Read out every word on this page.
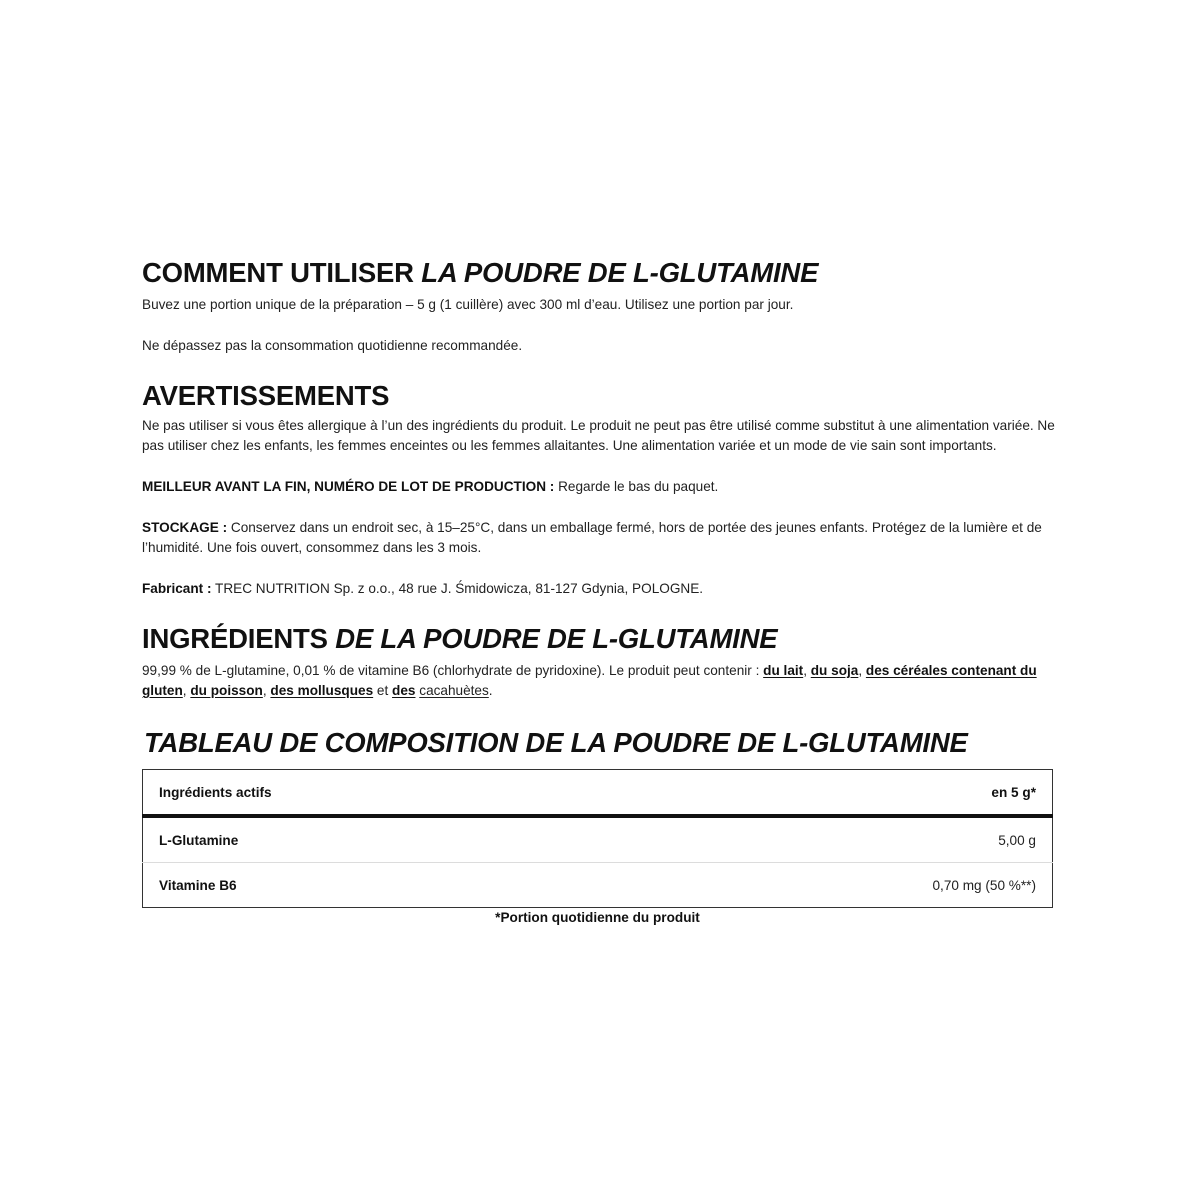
COMMENT UTILISER LA POUDRE DE L-GLUTAMINE

Buvez une portion unique de la préparation – 5 g (1 cuillère) avec 300 ml d’eau. Utilisez une portion par jour.

Ne dépassez pas la consommation quotidienne recommandée.

AVERTISSEMENTS

Ne pas utiliser si vous êtes allergique à l’un des ingrédients du produit. Le produit ne peut pas être utilisé comme substitut à une alimentation variée. Ne pas utiliser chez les enfants, les femmes enceintes ou les femmes allaitantes. Une alimentation variée et un mode de vie sain sont importants.

MEILLEUR AVANT LA FIN, NUMÉRO DE LOT DE PRODUCTION : Regarde le bas du paquet.

STOCKAGE : Conservez dans un endroit sec, à 15–25°C, dans un emballage fermé, hors de portée des jeunes enfants. Protégez de la lumière et de l’humidité. Une fois ouvert, consommez dans les 3 mois.

Fabricant : TREC NUTRITION Sp. z o.o., 48 rue J. Śmidowicza, 81-127 Gdynia, POLOGNE.

INGRÉDIENTS DE LA POUDRE DE L-GLUTAMINE

99,99 % de L-glutamine, 0,01 % de vitamine B6 (chlorhydrate de pyridoxine). Le produit peut contenir : du lait, du soja, des céréales contenant du gluten, du poisson, des mollusques et des cacahuètes.

TABLEAU DE COMPOSITION DE LA POUDRE DE L-GLUTAMINE
Ingrédients actifs	en 5 g*
L-Glutamine	5,00 g
Vitamine B6	0,70 mg (50 %**)
*Portion quotidienne du produit
